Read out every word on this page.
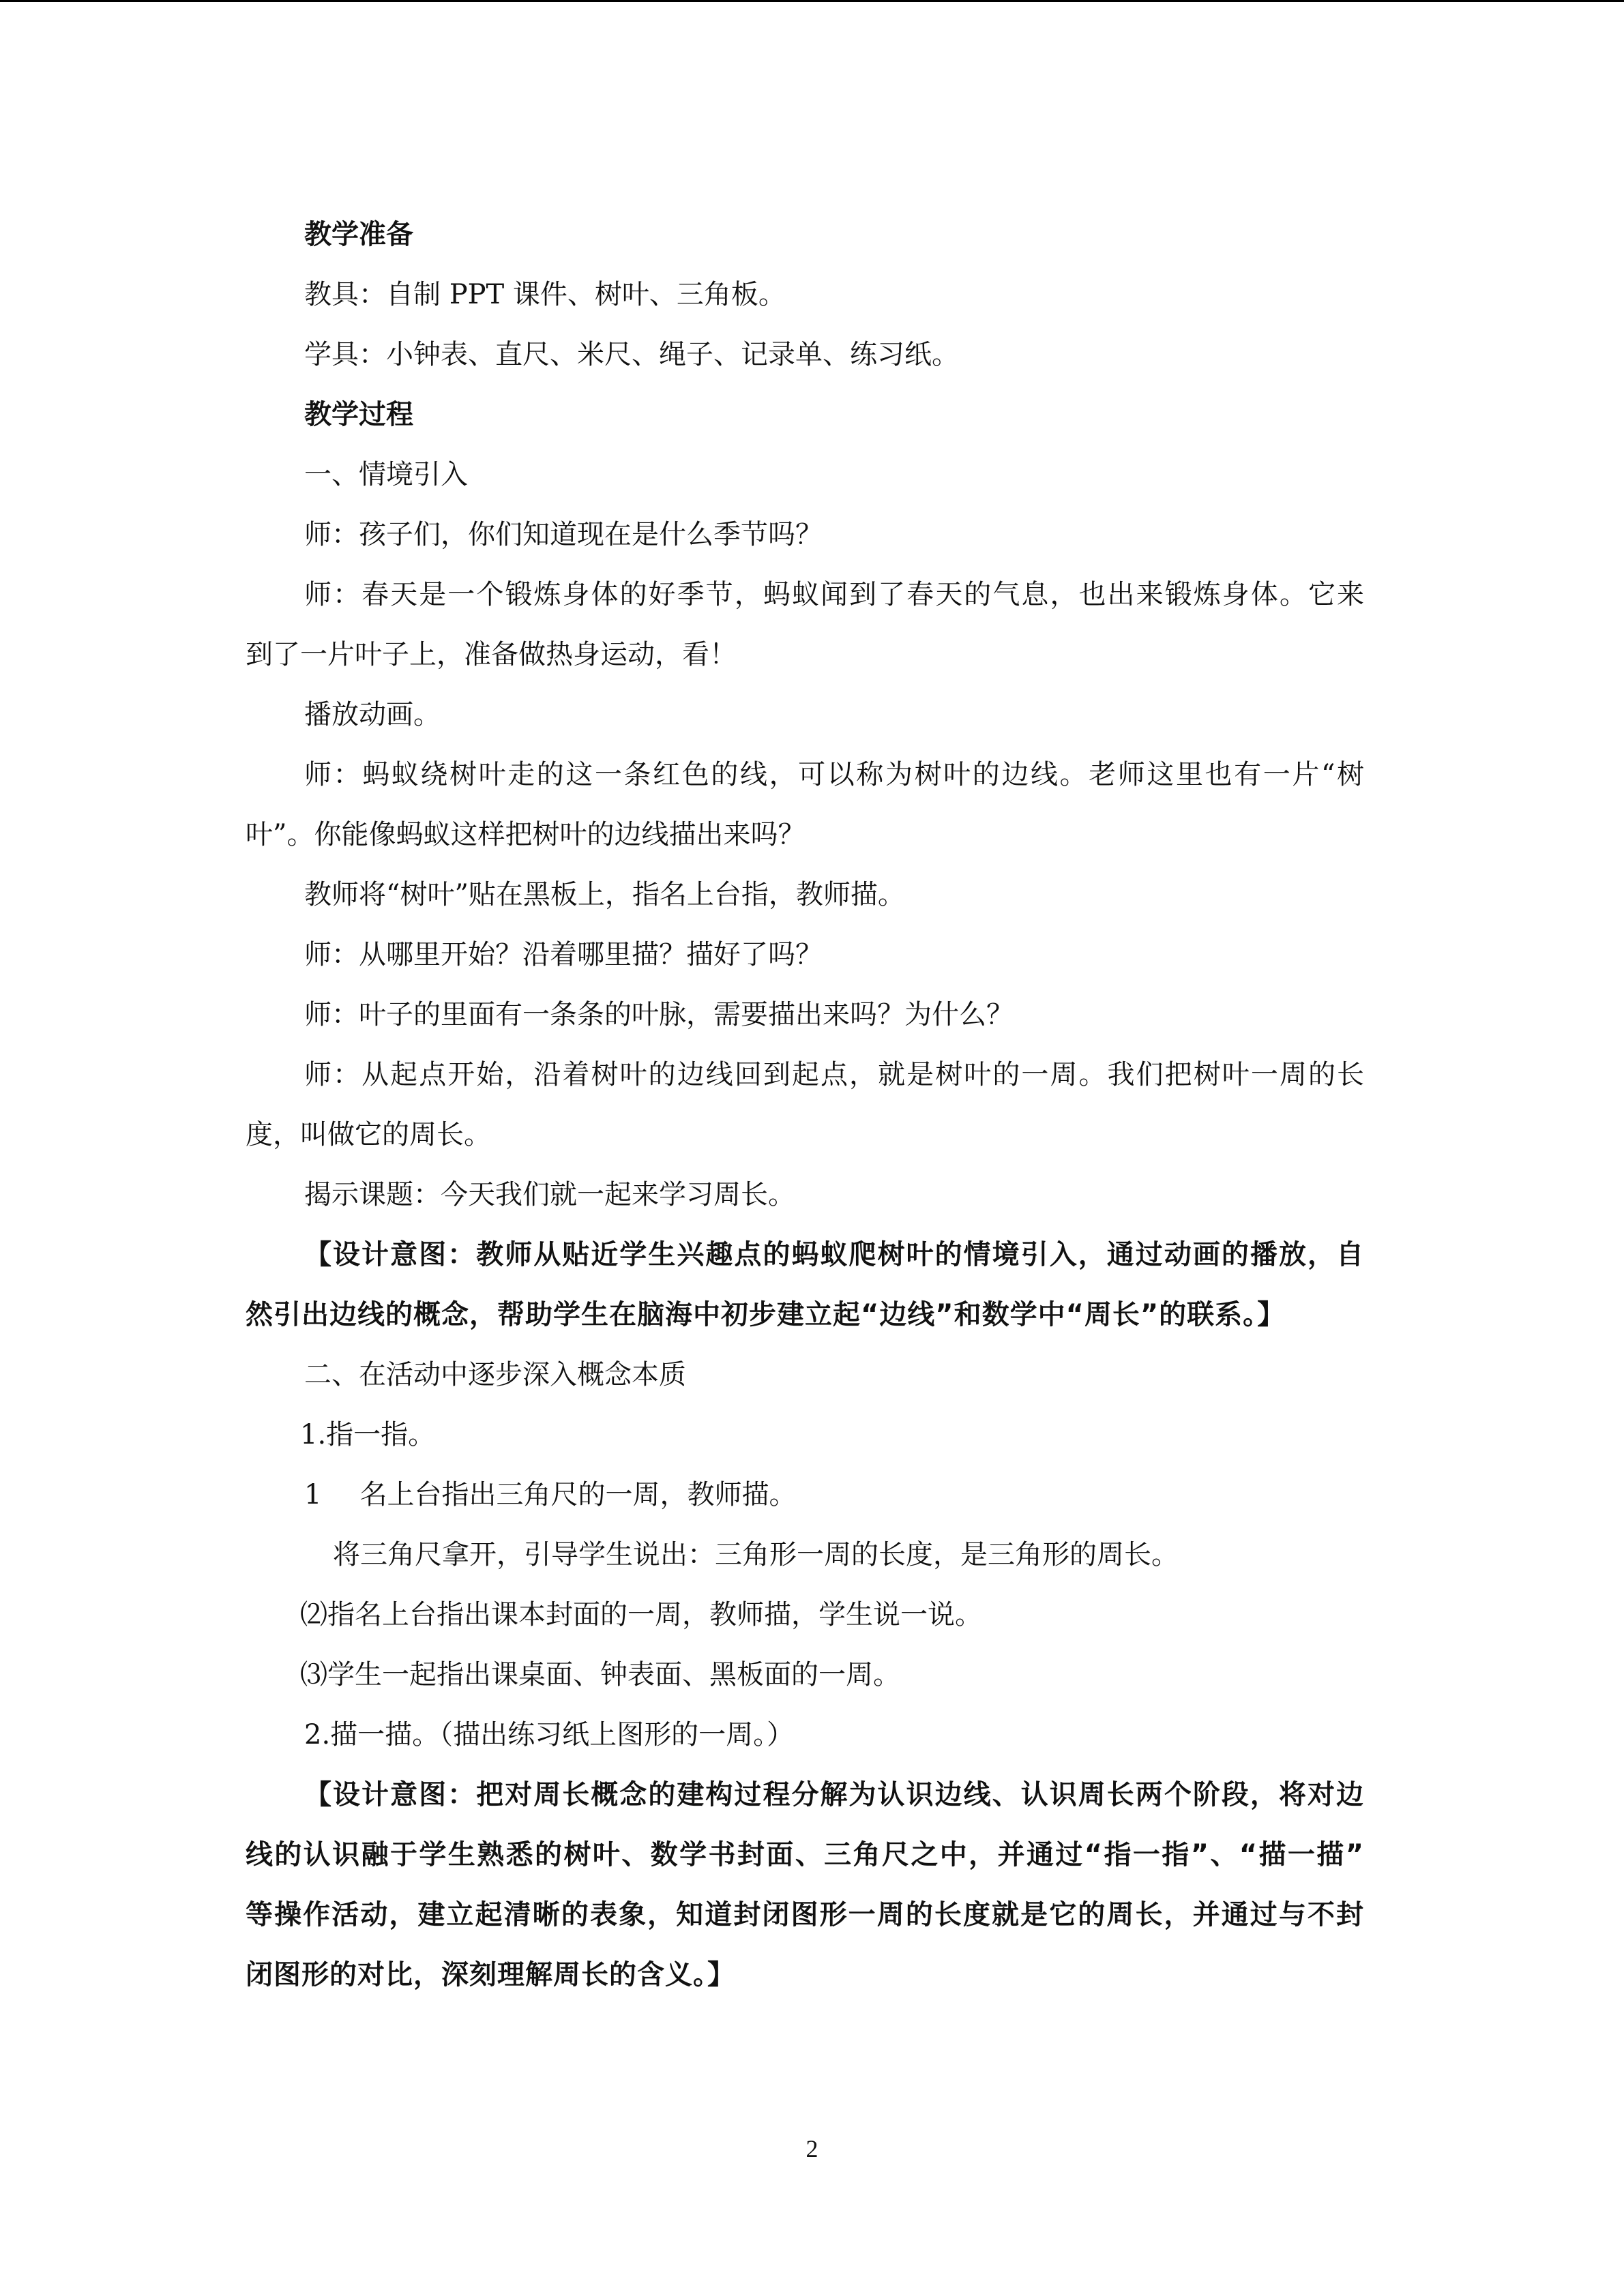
教学准备

教具：自制 PPT 课件、树叶、三角板。

学具：小钟表、直尺、米尺、绳子、记录单、练习纸。

教学过程

一、情境引入

师：孩子们，你们知道现在是什么季节吗？

师：春天是一个锻炼身体的好季节，蚂蚁闻到了春天的气息，也出来锻炼身体。它来

到了一片叶子上，准备做热身运动，看！

播放动画。

师：蚂蚁绕树叶走的这一条红色的线，可以称为树叶的边线。老师这里也有一片“树

叶”。你能像蚂蚁这样把树叶的边线描出来吗？

教师将“树叶”贴在黑板上，指名上台指，教师描。

师：从哪里开始？沿着哪里描？描好了吗？

师：叶子的里面有一条条的叶脉，需要描出来吗？为什么？

师：从起点开始，沿着树叶的边线回到起点，就是树叶的一周。我们把树叶一周的长

度，叫做它的周长。

揭示课题：今天我们就一起来学习周长。

【设计意图：教师从贴近学生兴趣点的蚂蚁爬树叶的情境引入，通过动画的播放，自

然引出边线的概念，帮助学生在脑海中初步建立起“边线”和数学中“周长”的联系。】

二、在活动中逐步深入概念本质

1.指一指。

1 名上台指出三角尺的一周，教师描。

将三角尺拿开，引导学生说出：三角形一周的长度，是三角形的周长。

⑵指名上台指出课本封面的一周，教师描，学生说一说。

⑶学生一起指出课桌面、钟表面、黑板面的一周。

2.描一描。（描出练习纸上图形的一周。）

【设计意图：把对周长概念的建构过程分解为认识边线、认识周长两个阶段，将对边

线的认识融于学生熟悉的树叶、数学书封面、三角尺之中，并通过“指一指”、“描一描”

等操作活动，建立起清晰的表象，知道封闭图形一周的长度就是它的周长，并通过与不封

闭图形的对比，深刻理解周长的含义。】

2
